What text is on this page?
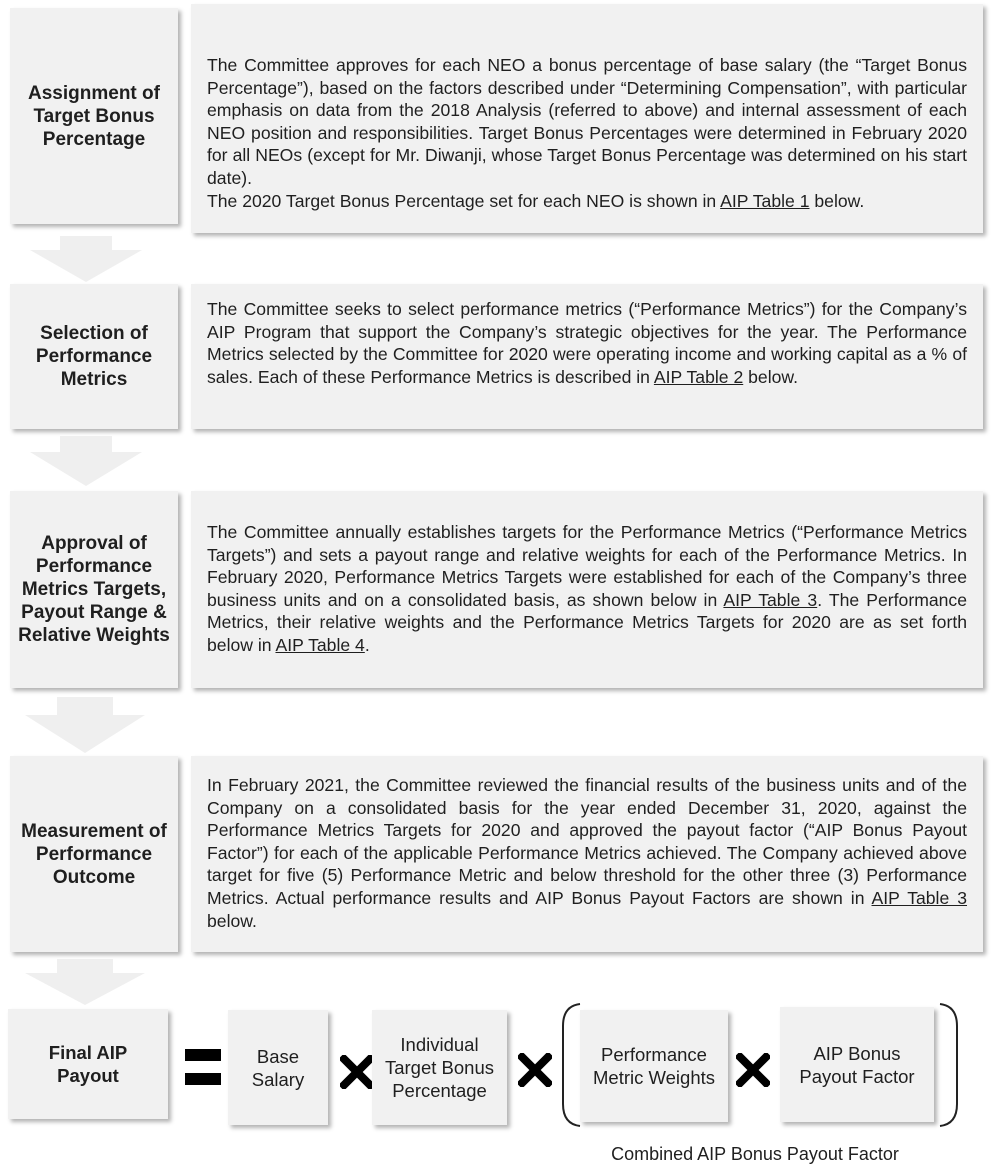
Assignment of Target Bonus Percentage

The Committee approves for each NEO a bonus percentage of base salary (the “Target Bonus Percentage”), based on the factors described under “Determining Compensation”, with particular emphasis on data from the 2018 Analysis (referred to above) and internal assessment of each NEO position and responsibilities. Target Bonus Percentages were determined in February 2020 for all NEOs (except for Mr. Diwanji, whose Target Bonus Percentage was determined on his start date).

The 2020 Target Bonus Percentage set for each NEO is shown in AIP Table 1 below.

Selection of Performance Metrics

The Committee seeks to select performance metrics (“Performance Metrics”) for the Company’s AIP Program that support the Company’s strategic objectives for the year. The Performance Metrics selected by the Committee for 2020 were operating income and working capital as a % of sales. Each of these Performance Metrics is described in AIP Table 2 below.

Approval of Performance Metrics Targets, Payout Range & Relative Weights

The Committee annually establishes targets for the Performance Metrics (“Performance Metrics Targets”) and sets a payout range and relative weights for each of the Performance Metrics. In February 2020, Performance Metrics Targets were established for each of the Company’s three business units and on a consolidated basis, as shown below in AIP Table 3. The Performance Metrics, their relative weights and the Performance Metrics Targets for 2020 are as set forth below in AIP Table 4.

Measurement of Performance Outcome

In February 2021, the Committee reviewed the financial results of the business units and of the Company on a consolidated basis for the year ended December 31, 2020, against the Performance Metrics Targets for 2020 and approved the payout factor (“AIP Bonus Payout Factor”) for each of the applicable Performance Metrics achieved. The Company achieved above target for five (5) Performance Metric and below threshold for the other three (3) Performance Metrics. Actual performance results and AIP Bonus Payout Factors are shown in AIP Table 3 below.

Final AIP Payout
Base Salary
Individual Target Bonus Percentage
Performance Metric Weights
AIP Bonus Payout Factor
Combined AIP Bonus Payout Factor
